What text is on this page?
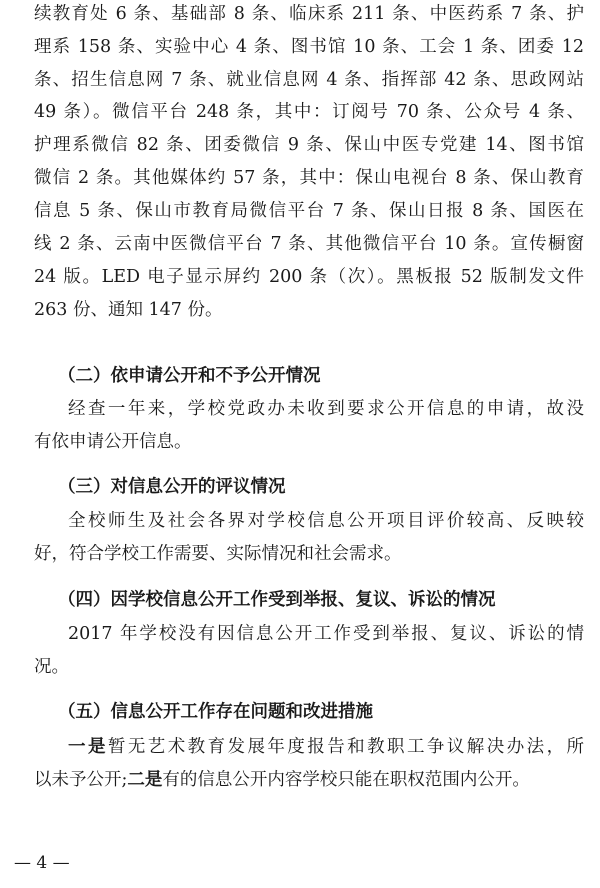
续教育处 6 条、基础部 8 条、临床系 211 条、中医药系 7 条、护
理系 158 条、实验中心 4 条、图书馆 10 条、工会 1 条、团委 12
条、招生信息网 7 条、就业信息网 4 条、指挥部 42 条、思政网站
49 条）。微信平台 248 条，其中：订阅号 70 条、公众号 4 条、
护理系微信 82 条、团委微信 9 条、保山中医专党建 14、图书馆
微信 2 条。其他媒体约 57 条，其中：保山电视台 8 条、保山教育
信息 5 条、保山市教育局微信平台 7 条、保山日报 8 条、国医在
线 2 条、云南中医微信平台 7 条、其他微信平台 10 条。宣传橱窗
24 版。LED 电子显示屏约 200 条（次）。黑板报 52 版制发文件
263 份、通知 147 份。
（二）依申请公开和不予公开情况
经查一年来，学校党政办未收到要求公开信息的申请，故没
有依申请公开信息。
（三）对信息公开的评议情况
全校师生及社会各界对学校信息公开项目评价较高、反映较
好，符合学校工作需要、实际情况和社会需求。
（四）因学校信息公开工作受到举报、复议、诉讼的情况
2017 年学校没有因信息公开工作受到举报、复议、诉讼的情
况。
（五）信息公开工作存在问题和改进措施
一是暂无艺术教育发展年度报告和教职工争议解决办法，所
以未予公开;二是有的信息公开内容学校只能在职权范围内公开。
— 4 —
